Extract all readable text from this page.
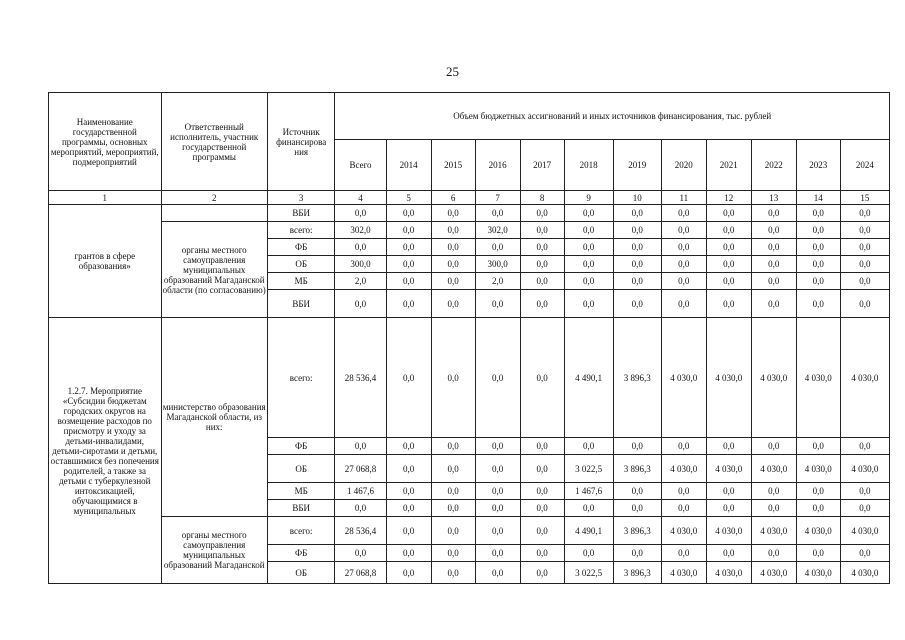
25
Наименование государственной программы, основных мероприятий, мероприятий, подмероприятий	Ответственный исполнитель, участник государственной программы	Источник финансирова ния	Объем бюджетных ассигнований и иных источников финансирования, тыс. рублей											
			Всего	2014	2015	2016	2017	2018	2019	2020	2021	2022	2023	2024
1	2	3	4	5	6	7	8	9	10	11	12	13	14	15
грантов в сфере образования»		ВБИ	0,0	0,0	0,0	0,0	0,0	0,0	0,0	0,0	0,0	0,0	0,0	0,0
	органы местного самоуправления муниципальных образований Магаданской области (по согласованию)	всего:	302,0	0,0	0,0	302,0	0,0	0,0	0,0	0,0	0,0	0,0	0,0	0,0
		ФБ	0,0	0,0	0,0	0,0	0,0	0,0	0,0	0,0	0,0	0,0	0,0	0,0
		ОБ	300,0	0,0	0,0	300,0	0,0	0,0	0,0	0,0	0,0	0,0	0,0	0,0
		МБ	2,0	0,0	0,0	2,0	0,0	0,0	0,0	0,0	0,0	0,0	0,0	0,0
		ВБИ	0,0	0,0	0,0	0,0	0,0	0,0	0,0	0,0	0,0	0,0	0,0	0,0
1.2.7. Мероприятие «Субсидии бюджетам городских округов на возмещение расходов по присмотру и уходу за детьми-инвалидами, детьми-сиротами и детьми, оставшимися без попечения родителей, а также за детьми с туберкулезной интоксикацией, обучающимися в муниципальных	министерство образования Магаданской области, из них:	всего:	28 536,4	0,0	0,0	0,0	0,0	4 490,1	3 896,3	4 030,0	4 030,0	4 030,0	4 030,0	4 030,0
		ФБ	0,0	0,0	0,0	0,0	0,0	0,0	0,0	0,0	0,0	0,0	0,0	0,0
		ОБ	27 068,8	0,0	0,0	0,0	0,0	3 022,5	3 896,3	4 030,0	4 030,0	4 030,0	4 030,0	4 030,0
		МБ	1 467,6	0,0	0,0	0,0	0,0	1 467,6	0,0	0,0	0,0	0,0	0,0	0,0
		ВБИ	0,0	0,0	0,0	0,0	0,0	0,0	0,0	0,0	0,0	0,0	0,0	0,0
	органы местного самоуправления муниципальных образований Магаданской	всего:	28 536,4	0,0	0,0	0,0	0,0	4 490,1	3 896,3	4 030,0	4 030,0	4 030,0	4 030,0	4 030,0
		ФБ	0,0	0,0	0,0	0,0	0,0	0,0	0,0	0,0	0,0	0,0	0,0	0,0
		ОБ	27 068,8	0,0	0,0	0,0	0,0	3 022,5	3 896,3	4 030,0	4 030,0	4 030,0	4 030,0	4 030,0
